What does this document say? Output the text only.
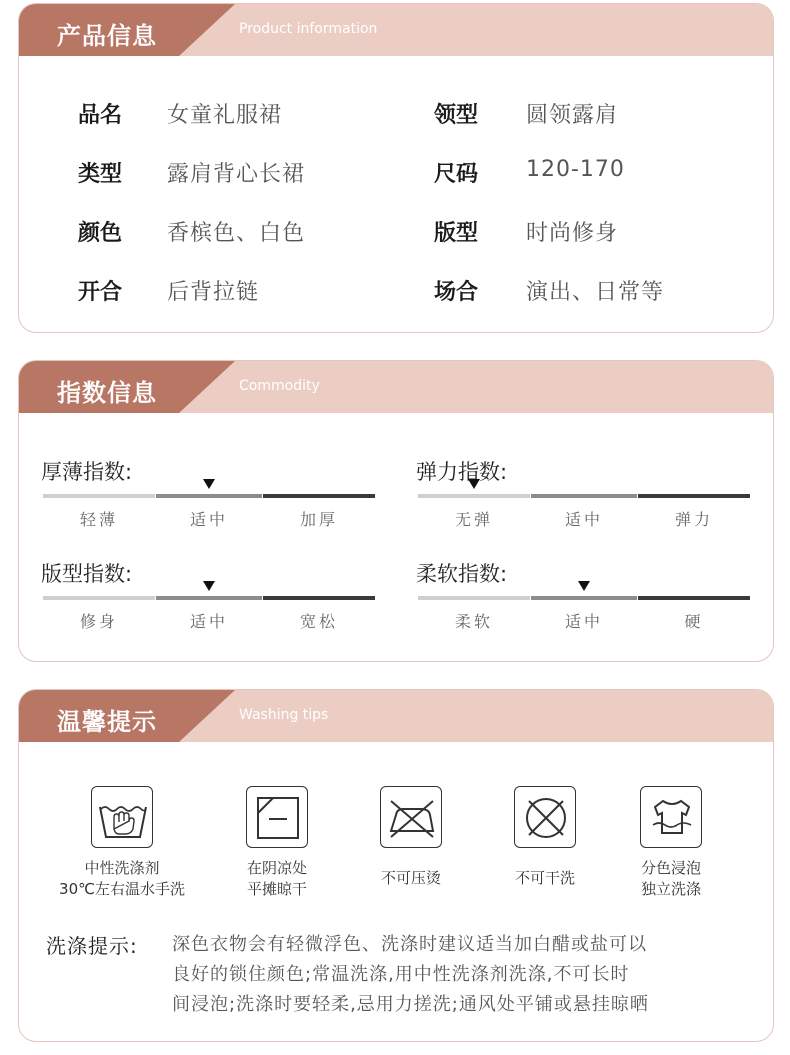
产品信息	Product information
品名 女童礼服裙	领型 圆领露肩
类型 露肩背心长裙	尺码 120-170
颜色 香槟色、白色	版型 时尚修身
开合 后背拉链	场合 演出、日常等
指数信息	Commodity
厚薄指数:
轻薄	适中	加厚
弹力指数:
无弹	适中	弹力
版型指数:
修身	适中	宽松
柔软指数:
柔软	适中	硬
温馨提示	Washing tips
中性洗涤剂
30℃左右温水手洗
在阴凉处
平摊晾干
不可压烫	不可干洗
分色浸泡
独立洗涤
洗涤提示: 深色衣物会有轻微浮色、洗涤时建议适当加白醋或盐可以
良好的锁住颜色;常温洗涤,用中性洗涤剂洗涤,不可长时
间浸泡;洗涤时要轻柔,忌用力搓洗;通风处平铺或悬挂晾晒
